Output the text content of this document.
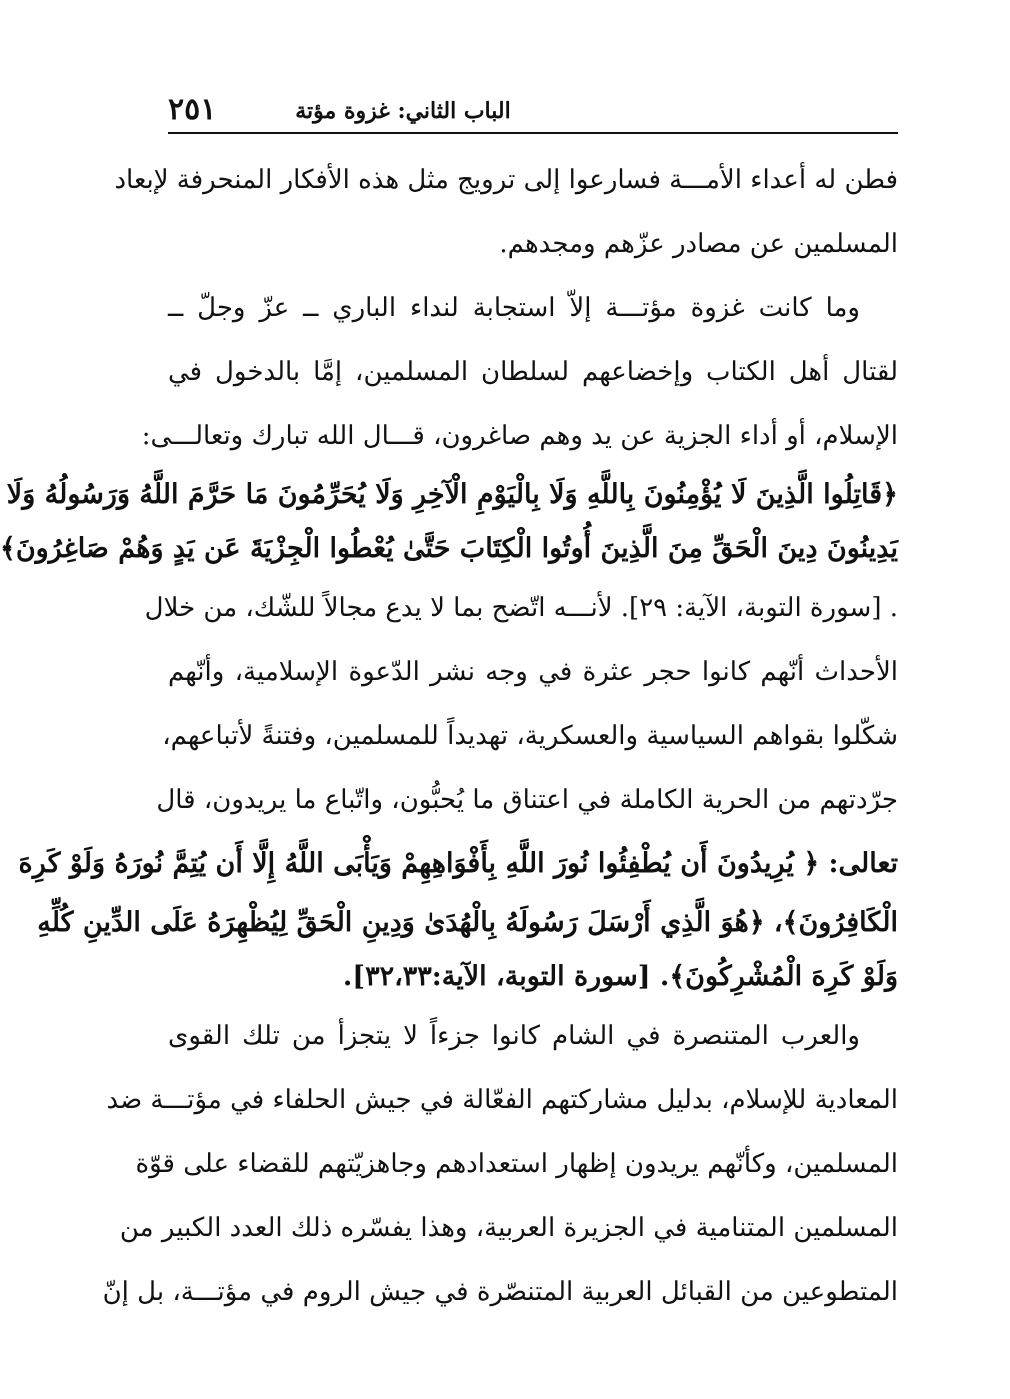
٢٥١	الباب الثاني: غزوة مؤتة
فطن له أعداء الأمـــة فسارعوا إلى ترويج مثل هذه الأفكار المنحرفة لإبعاد
المسلمين عن مصادر عزّهم ومجدهم.
وما كانت غزوة مؤتـــة إلاّ استجابة لنداء الباري ــ عزّ وجلّ ــ
لقتال أهل الكتاب وإخضاعهم لسلطان المسلمين، إمَّا بالدخول في
الإسلام، أو أداء الجزية عن يد وهم صاغرون، قـــال الله تبارك وتعالـــى:
﴿قَاتِلُوا الَّذِينَ لَا يُؤْمِنُونَ بِاللَّهِ وَلَا بِالْيَوْمِ الْآخِرِ وَلَا يُحَرِّمُونَ مَا حَرَّمَ اللَّهُ وَرَسُولُهُ وَلَا
يَدِينُونَ دِينَ الْحَقِّ مِنَ الَّذِينَ أُوتُوا الْكِتَابَ حَتَّىٰ يُعْطُوا الْجِزْيَةَ عَن يَدٍ وَهُمْ صَاغِرُونَ﴾
. [سورة التوبة، الآية: ٢٩]. لأنـــه اتّضح بما لا يدع مجالاً للشّك، من خلال
الأحداث أنّهم كانوا حجر عثرة في وجه نشر الدّعوة الإسلامية، وأنّهم
شكّلوا بقواهم السياسية والعسكرية، تهديداً للمسلمين، وفتنةً لأتباعهم،
جرّدتهم من الحرية الكاملة في اعتناق ما يُحبُّون، واتّباع ما يريدون، قال
تعالى: ﴿ يُرِيدُونَ أَن يُطْفِئُوا نُورَ اللَّهِ بِأَفْوَاهِهِمْ وَيَأْبَى اللَّهُ إِلَّا أَن يُتِمَّ نُورَهُ وَلَوْ كَرِهَ
الْكَافِرُونَ﴾، ﴿هُوَ الَّذِي أَرْسَلَ رَسُولَهُ بِالْهُدَىٰ وَدِينِ الْحَقِّ لِيُظْهِرَهُ عَلَى الدِّينِ كُلِّهِ
وَلَوْ كَرِهَ الْمُشْرِكُونَ﴾. [سورة التوبة، الآية:٣٢،٣٣].
والعرب المتنصرة في الشام كانوا جزءاً لا يتجزأ من تلك القوى
المعادية للإسلام، بدليل مشاركتهم الفعّالة في جيش الحلفاء في مؤتـــة ضد
المسلمين، وكأنّهم يريدون إظهار استعدادهم وجاهزيّتهم للقضاء على قوّة
المسلمين المتنامية في الجزيرة العربية، وهذا يفسّره ذلك العدد الكبير من
المتطوعين من القبائل العربية المتنصّرة في جيش الروم في مؤتـــة، بل إنّ
